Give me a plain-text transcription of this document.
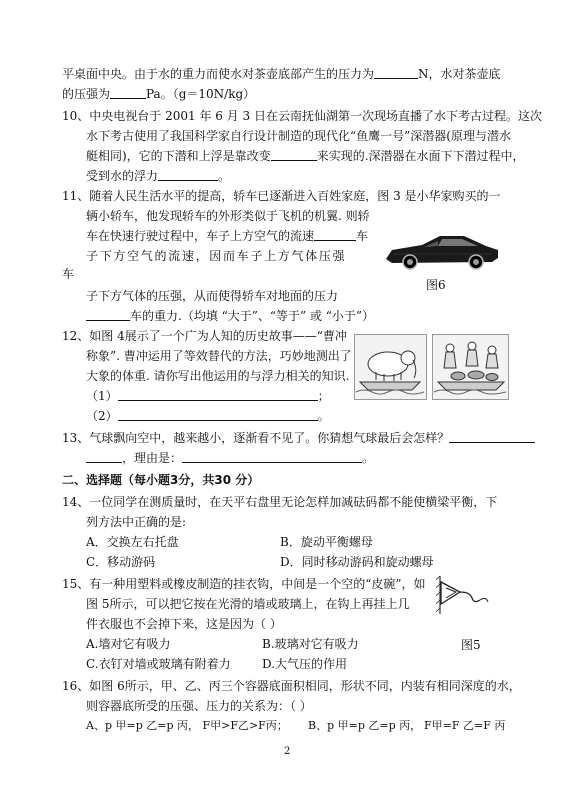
平桌面中央。由于水的重力而使水对茶壶底部产生的压力为	N，水对茶壶底
的压强为	Pa。（g＝10N/kg）
10、中央电视台于 2001 年 6 月 3 日在云南抚仙湖第一次现场直播了水下考古过程。这次
水下考古使用了我国科学家自行设计制造的现代化“鱼鹰一号”深潜器(原理与潜水
艇相同)，它的下潜和上浮是靠改变	来实现的.深潜器在水面下下潜过程中，
受到水的浮力	。
11、随着人民生活水平的提高，轿车已逐渐进入百姓家庭，图 3 是小华家购买的一
辆小轿车，他发现轿车的外形类似于飞机的机翼. 则轿
车在快速行驶过程中，车子上方空气的流速	车
子下方空气的流速，因而车子上方气体压强
车
子下方气体的压强，从而使得轿车对地面的压力
车的重力.（均填 “大于”、“等于” 或 “小于”）
图6
12、如图 4展示了一个广为人知的历史故事——“曹冲
称象”. 曹冲运用了等效替代的方法，巧妙地测出了
大象的体重. 请你写出他运用的与浮力相关的知识.
（1）	；
（2）	。
13、气球飘向空中，越来越小，逐渐看不见了。你猜想气球最后会怎样？
，理由是：	。
二、选择题（每小题3分，共30 分）
14、一位同学在测质量时，在天平右盘里无论怎样加减砝码都不能使横梁平衡，下
列方法中正确的是:
A．交换左右托盘	B．旋动平衡螺母
C．移动游码	D．同时移动游码和旋动螺母
15、有一种用塑料或橡皮制造的挂衣钩，中间是一个空的“皮碗”，如
图 5所示，可以把它按在光滑的墙或玻璃上，在钩上再挂上几
件衣服也不会掉下来，这是因为（ ）
A.墙对它有吸力	B.玻璃对它有吸力
C.衣钉对墙或玻璃有附着力	D.大气压的作用
图5
16、如图 6所示，甲、乙、丙三个容器底面积相同，形状不同，内装有相同深度的水，
则容器底所受的压强、压力的关系为：（ ）
A、p 甲=p 乙=p 丙， F甲>F乙>F丙； B、p 甲=p 乙=p 丙， F甲=F 乙=F 丙
2
